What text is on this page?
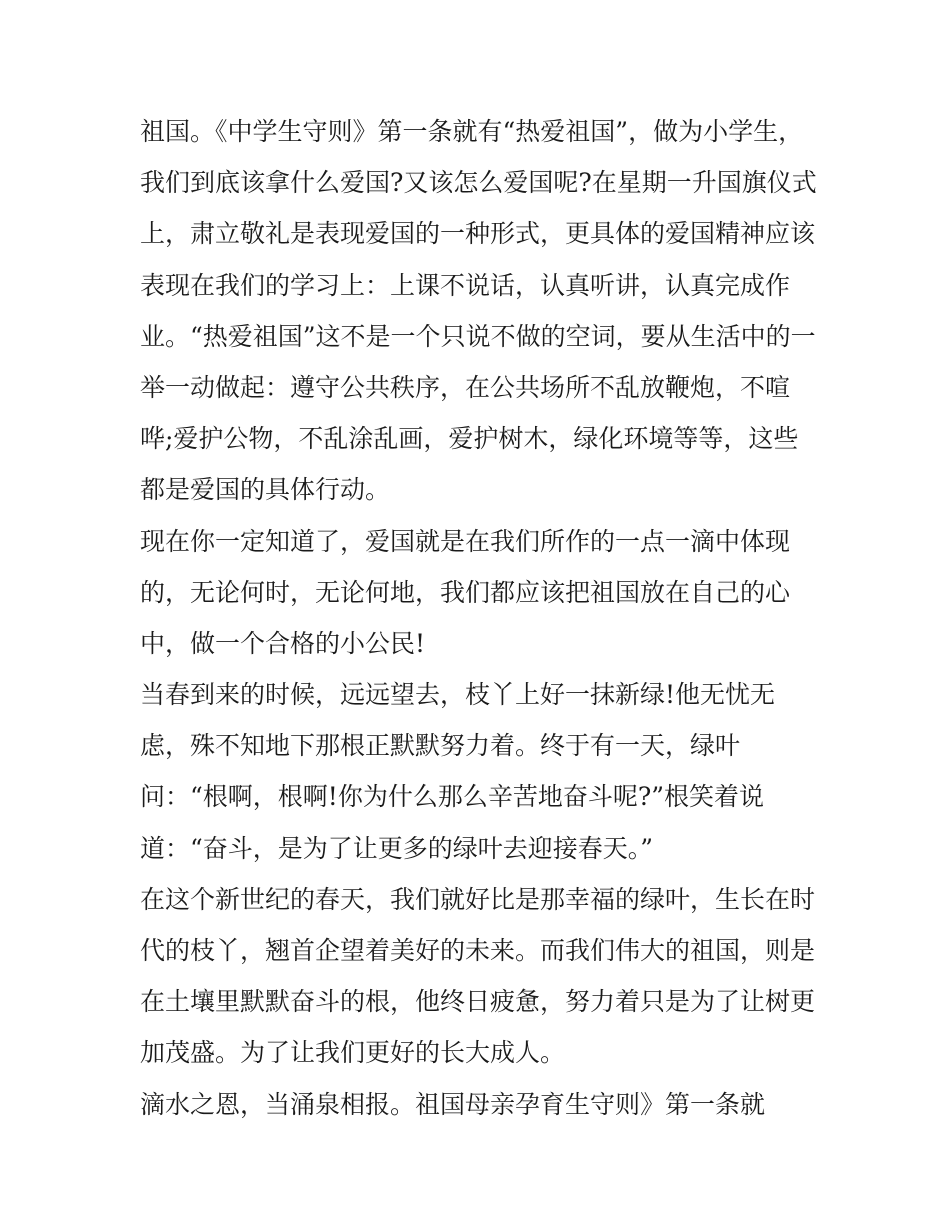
祖国。《中学生守则》第一条就有“热爱祖国”，做为小学生，
我们到底该拿什么爱国?又该怎么爱国呢?在星期一升国旗仪式
上，肃立敬礼是表现爱国的一种形式，更具体的爱国精神应该
表现在我们的学习上：上课不说话，认真听讲，认真完成作
业。“热爱祖国”这不是一个只说不做的空词，要从生活中的一
举一动做起：遵守公共秩序，在公共场所不乱放鞭炮，不喧
哗;爱护公物，不乱涂乱画，爱护树木，绿化环境等等，这些
都是爱国的具体行动。
现在你一定知道了，爱国就是在我们所作的一点一滴中体现
的，无论何时，无论何地，我们都应该把祖国放在自己的心
中，做一个合格的小公民!
当春到来的时候，远远望去，枝丫上好一抹新绿!他无忧无
虑，殊不知地下那根正默默努力着。终于有一天，绿叶
问：“根啊，根啊!你为什么那么辛苦地奋斗呢?”根笑着说
道：“奋斗，是为了让更多的绿叶去迎接春天。”
在这个新世纪的春天，我们就好比是那幸福的绿叶，生长在时
代的枝丫，翘首企望着美好的未来。而我们伟大的祖国，则是
在土壤里默默奋斗的根，他终日疲惫，努力着只是为了让树更
加茂盛。为了让我们更好的长大成人。
滴水之恩，当涌泉相报。祖国母亲孕育生守则》第一条就
